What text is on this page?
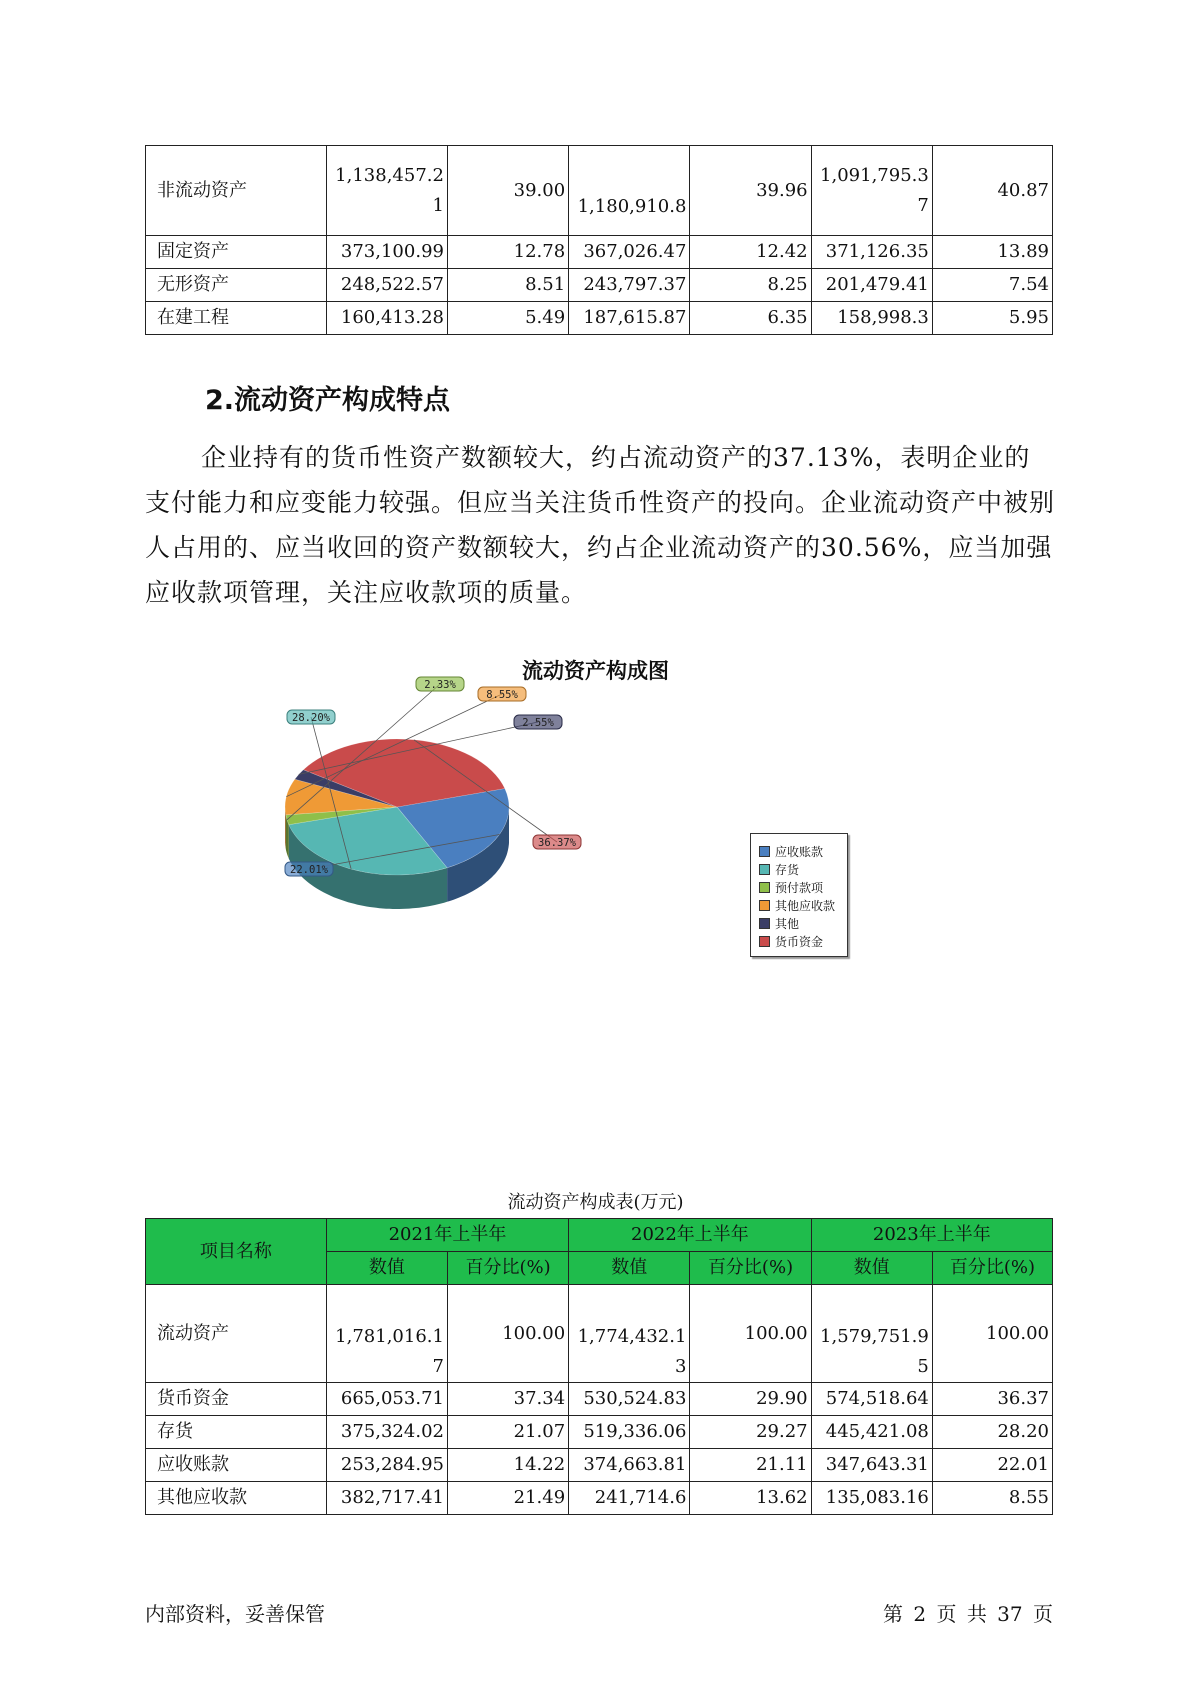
非流动资产	1,138,457.21	39.00	1,180,910.8	39.96	1,091,795.37	40.87
固定资产	373,100.99	12.78	367,026.47	12.42	371,126.35	13.89
无形资产	248,522.57	8.51	243,797.37	8.25	201,479.41	7.54
在建工程	160,413.28	5.49	187,615.87	6.35	158,998.3	5.95
2.流动资产构成特点

企业持有的货币性资产数额较大，约占流动资产的37.13%，表明企业的支付能力和应变能力较强。但应当关注货币性资产的投向。企业流动资产中被别人占用的、应当收回的资产数额较大，约占企业流动资产的30.56%，应当加强应收款项管理，关注应收款项的质量。

流动资产构成图
22.01%
28.20%
2.33%
8.55%
2.55%
36.37%
应收账款
存货
预付款项
其他应收款
其他
货币资金
流动资产构成表(万元)
项目名称	2021年上半年		2022年上半年		2023年上半年	
	数值	百分比(%)	数值	百分比(%)	数值	百分比(%)
流动资产	1,781,016.17	100.00	1,774,432.13	100.00	1,579,751.95	100.00
货币资金	665,053.71	37.34	530,524.83	29.90	574,518.64	36.37
存货	375,324.02	21.07	519,336.06	29.27	445,421.08	28.20
应收账款	253,284.95	14.22	374,663.81	21.11	347,643.31	22.01
其他应收款	382,717.41	21.49	241,714.6	13.62	135,083.16	8.55
内部资料，妥善保管	第 2 页 共 37 页
